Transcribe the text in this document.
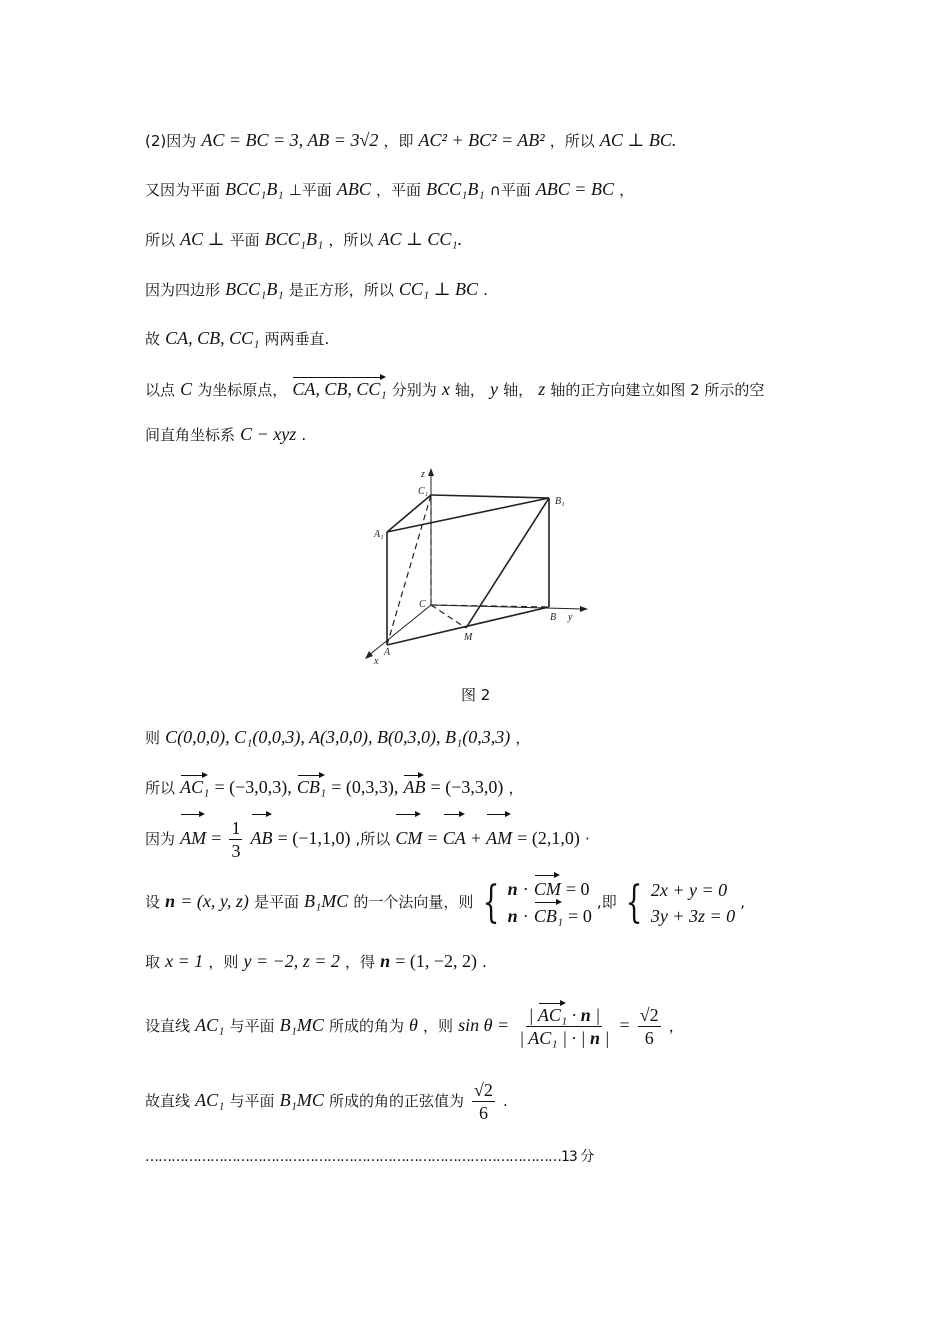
(2)因为 AC = BC = 3, AB = 3√2 ，即 AC² + BC² = AB² ，所以 AC ⊥ BC.
又因为平面 BCC₁B₁ ⊥平面 ABC ，平面 BCC₁B₁ ∩平面 ABC = BC ，
所以 AC ⊥ 平面 BCC₁B₁ ，所以 AC ⊥ CC₁.
因为四边形 BCC₁B₁ 是正方形，所以 CC₁ ⊥ BC .
故 CA, CB, CC₁ 两两垂直.
以点 C 为坐标原点， CA, CB, CC₁ 分别为 x 轴， y 轴， z 轴的正方向建立如图 2 所示的空
间直角坐标系 C − xyz .
z
C₁
B₁
A₁
C
B y
M
A
x
图 2
则 C(0,0,0), C₁(0,0,3), A(3,0,0), B(0,3,0), B₁(0,3,3) ，
所以 AC₁ = (−3,0,3), CB₁ = (0,3,3), AB = (−3,3,0) ，
因为 AM = $\frac{1}{3}$ AB = (−1,1,0) ,所以 CM = CA + AM = (2,1,0) ·
设 n = (x, y, z) 是平面 B₁MC 的一个法向量，则 { n · CM = 0
n · CB₁ = 0
,即 { 2x + y = 0
3y + 3z = 0
,
取 x = 1 ，则 y = −2, z = 2 ，得 n = (1, −2, 2) .
设直线 AC₁ 与平面 B₁MC 所成的角为 θ ，则 $\sin \theta = \frac{\text{| AC₁ · n |}}{\text{| AC₁ | · | n |}} = \frac{√2}{6}$ ，
故直线 AC₁ 与平面 B₁MC 所成的角的正弦值为 $\frac{√2}{6}$ .
……………………………………………………………………………………13 分
